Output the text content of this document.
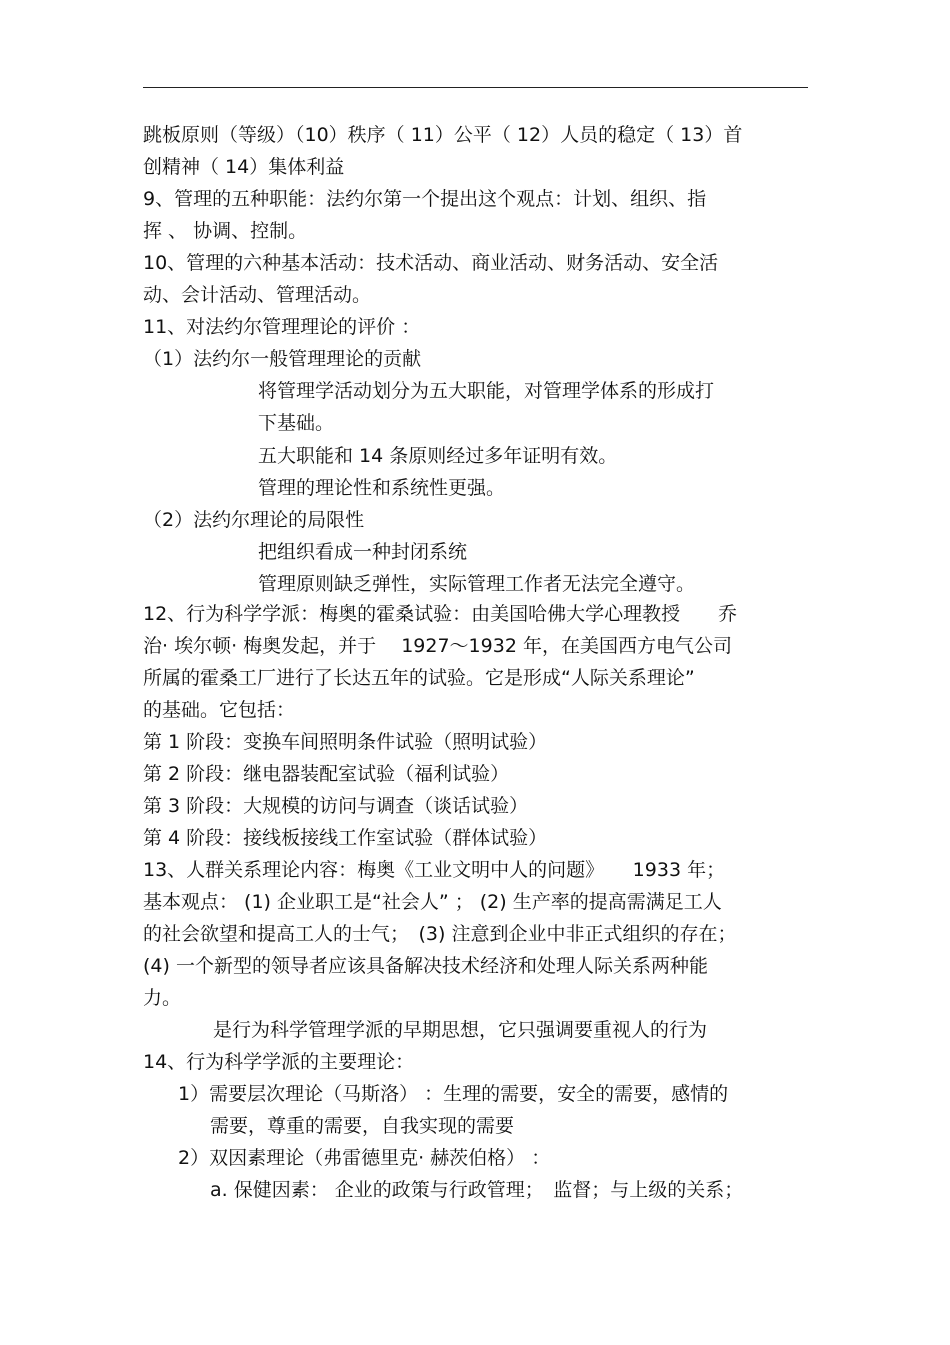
跳板原则（等级）（10）秩序（ 11）公平（ 12）人员的稳定（ 13）首
创精神（ 14）集体利益
9、管理的五种职能：法约尔第一个提出这个观点：计划、组织、指
挥 、 协调、控制。
10、管理的六种基本活动：技术活动、商业活动、财务活动、安全活
动、会计活动、管理活动。
11、对法约尔管理理论的评价 ：
（1）法约尔一般管理理论的贡献
将管理学活动划分为五大职能，对管理学体系的形成打
下基础。
五大职能和 14 条原则经过多年证明有效。
管理的理论性和系统性更强。
（2）法约尔理论的局限性
把组织看成一种封闭系统
管理原则缺乏弹性，实际管理工作者无法完全遵守。
12、行为科学学派：梅奥的霍桑试验：由美国哈佛大学心理教授　　乔
治· 埃尔顿· 梅奥发起，并于　 1927～1932 年，在美国西方电气公司
所属的霍桑工厂进行了长达五年的试验。它是形成“人际关系理论”
的基础。它包括：
第 1 阶段：变换车间照明条件试验（照明试验）
第 2 阶段：继电器装配室试验（福利试验）
第 3 阶段：大规模的访问与调查（谈话试验）
第 4 阶段：接线板接线工作室试验（群体试验）
13、人群关系理论内容：梅奥《工业文明中人的问题》　　1933 年；
基本观点： (1) 企业职工是“社会人” ； (2) 生产率的提高需满足工人
的社会欲望和提高工人的士气；　(3) 注意到企业中非正式组织的存在；
(4) 一个新型的领导者应该具备解决技术经济和处理人际关系两种能
力。
是行为科学管理学派的早期思想，它只强调要重视人的行为
14、行为科学学派的主要理论：
1）需要层次理论（马斯洛） ：生理的需要，安全的需要，感情的
需要，尊重的需要，自我实现的需要
2）双因素理论（弗雷德里克· 赫茨伯格） ：
a. 保健因素： 企业的政策与行政管理；　监督；与上级的关系；
